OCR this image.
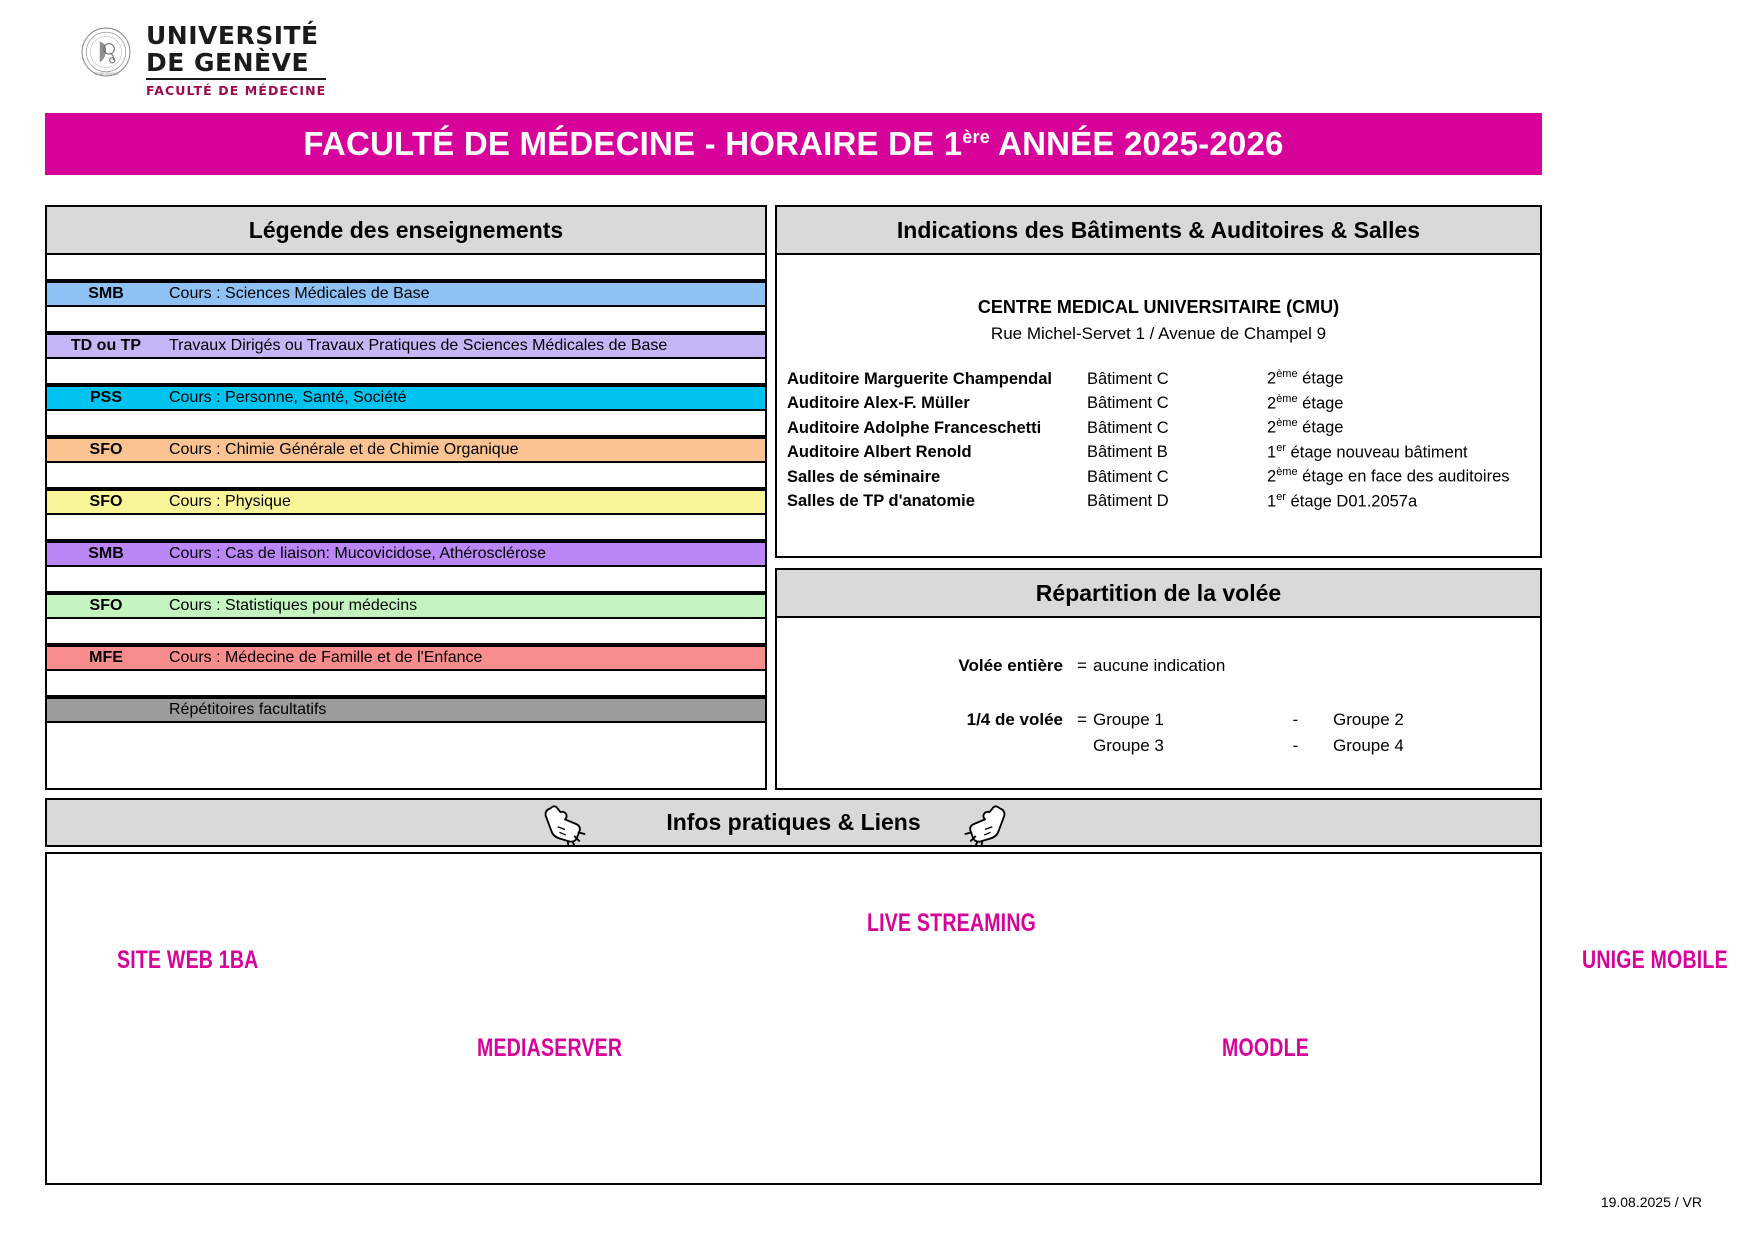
GENEVENSIS
UNIVERSITÉ
DE GENÈVE
FACULTÉ DE MÉDECINE
FACULTÉ DE MÉDECINE - HORAIRE DE 1ère ANNÉE 2025-2026
Légende des enseignements
SMB	Cours : Sciences Médicales de Base
TD ou TP	Travaux Dirigés ou Travaux Pratiques de Sciences Médicales de Base
PSS	Cours : Personne, Santé, Société
SFO	Cours : Chimie Générale et de Chimie Organique
SFO	Cours : Physique
SMB	Cours : Cas de liaison: Mucovicidose, Athérosclérose
SFO	Cours : Statistiques pour médecins
MFE	Cours : Médecine de Famille et de l'Enfance
Répétitoires facultatifs
Indications des Bâtiments & Auditoires & Salles
CENTRE MEDICAL UNIVERSITAIRE (CMU)
Rue Michel-Servet 1 / Avenue de Champel 9
Auditoire Marguerite Champendal	Bâtiment C	2ème étage
Auditoire Alex-F. Müller	Bâtiment C	2ème étage
Auditoire Adolphe Franceschetti	Bâtiment C	2ème étage
Auditoire Albert Renold	Bâtiment B	1er étage nouveau bâtiment
Salles de séminaire	Bâtiment C	2ème étage en face des auditoires
Salles de TP d'anatomie	Bâtiment D	1er étage D01.2057a
Répartition de la volée
Volée entière = aucune indication
1/4 de volée = Groupe 1	-	Groupe 2
Groupe 3	-	Groupe 4
Infos pratiques & Liens
SITE WEB 1BA
LIVE STREAMING
UNIGE MOBILE
MEDIASERVER	MOODLE
19.08.2025 / VR
